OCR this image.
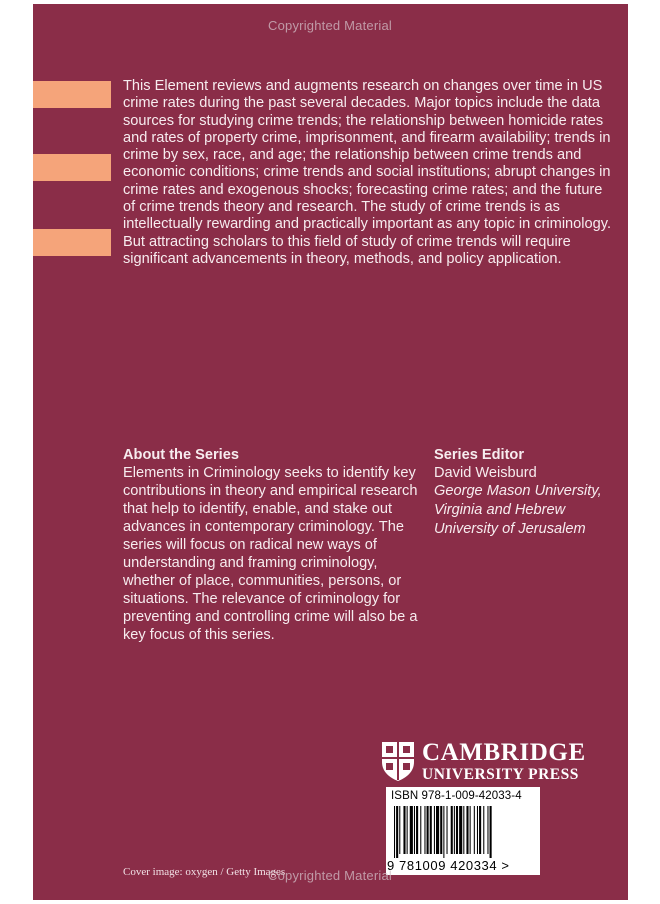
This Element reviews and augments research on changes over time in US crime rates during the past several decades. Major topics include the data sources for studying crime trends; the relationship between homicide rates and rates of property crime, imprisonment, and firearm availability; trends in crime by sex, race, and age; the relationship between crime trends and economic conditions; crime trends and social institutions; abrupt changes in crime rates and exogenous shocks; forecasting crime rates; and the future of crime trends theory and research. The study of crime trends is as intellectually rewarding and practically important as any topic in criminology. But attracting scholars to this field of study of crime trends will require significant advancements in theory, methods, and policy application.

About the Series

Elements in Criminology seeks to identify key contributions in theory and empirical research that help to identify, enable, and stake out advances in contemporary criminology. The series will focus on radical new ways of understanding and framing criminology, whether of place, communities, persons, or situations. The relevance of criminology for preventing and controlling crime will also be a key focus of this series.

Series Editor
David Weisburd
George Mason University, Virginia and Hebrew University of Jerusalem
CAMBRIDGE
UNIVERSITY PRESS
Cover image: oxygen / Getty Images
ISBN 978-1-009-42033-4
9 781009 420334 >
Copyrighted Material
Copyrighted Material
